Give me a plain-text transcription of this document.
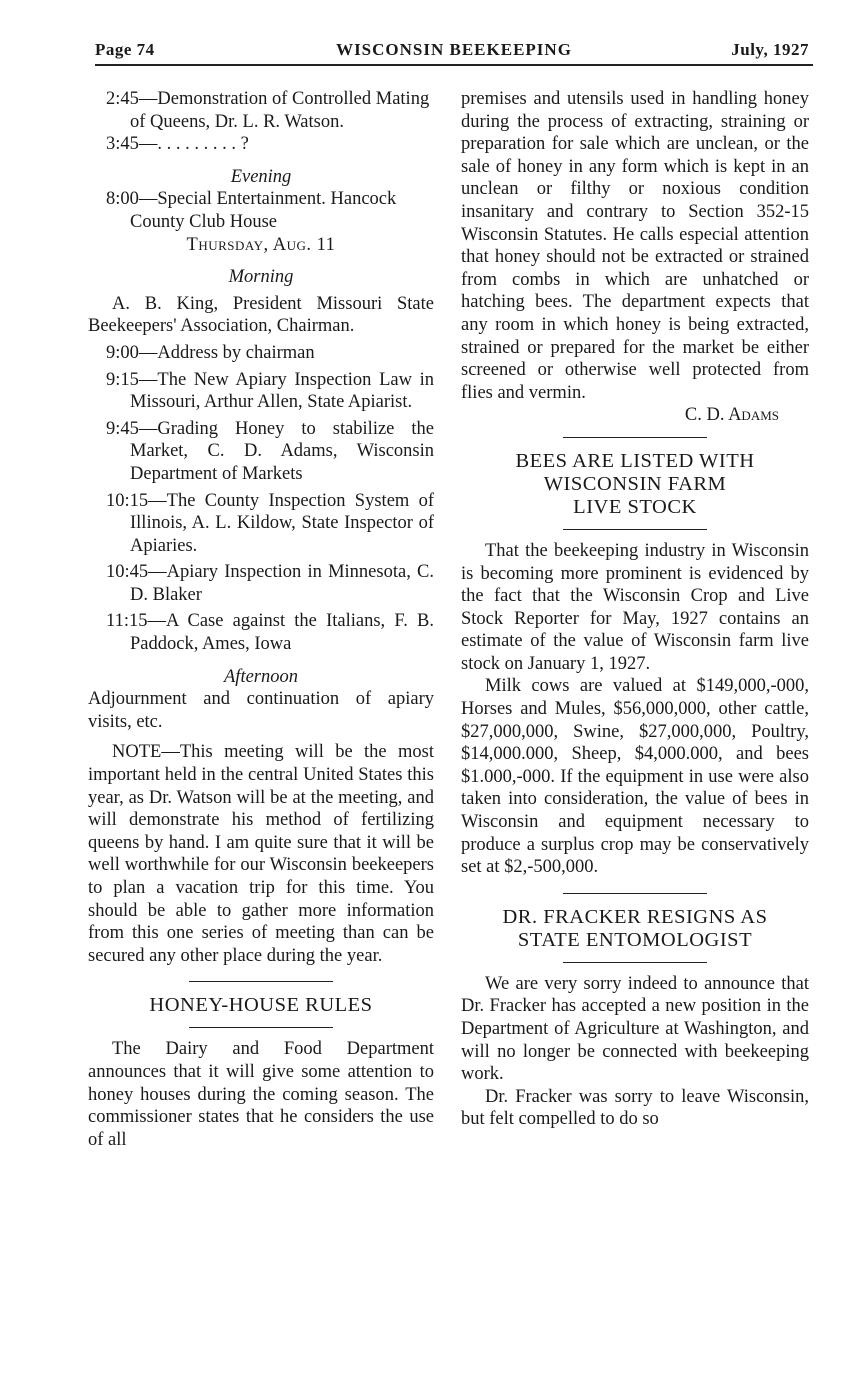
Page 74	WISCONSIN BEEKEEPING	July, 1927

2:45—Demonstration of Controlled Mating of Queens, Dr. L. R. Watson.

3:45—. . . . . . . . . ?

Evening

8:00—Special Entertainment. Hancock County Club House

Thursday, Aug. 11

Morning

A. B. King, President Missouri State Beekeepers' Association, Chairman.

9:00—Address by chairman

9:15—The New Apiary Inspection Law in Missouri, Arthur Allen, State Apiarist.

9:45—Grading Honey to stabilize the Market, C. D. Adams, Wisconsin Department of Markets

10:15—The County Inspection System of Illinois, A. L. Kildow, State Inspector of Apiaries.

10:45—Apiary Inspection in Minnesota, C. D. Blaker

11:15—A Case against the Italians, F. B. Paddock, Ames, Iowa

Afternoon

Adjournment and continuation of apiary visits, etc.

NOTE—This meeting will be the most important held in the central United States this year, as Dr. Watson will be at the meeting, and will demonstrate his method of fertilizing queens by hand. I am quite sure that it will be well worthwhile for our Wisconsin beekeepers to plan a vacation trip for this time. You should be able to gather more information from this one series of meeting than can be secured any other place during the year.

HONEY-HOUSE RULES

The Dairy and Food Department announces that it will give some attention to honey houses during the coming season. The commissioner states that he considers the use of all

premises and utensils used in handling honey during the process of extracting, straining or preparation for sale which are unclean, or the sale of honey in any form which is kept in an unclean or filthy or noxious condition insanitary and contrary to Section 352-15 Wisconsin Statutes. He calls especial attention that honey should not be extracted or strained from combs in which are unhatched or hatching bees. The department expects that any room in which honey is being extracted, strained or prepared for the market be either screened or otherwise well protected from flies and vermin.

C. D. Adams

BEES ARE LISTED WITH
WISCONSIN FARM
LIVE STOCK

That the beekeeping industry in Wisconsin is becoming more prominent is evidenced by the fact that the Wisconsin Crop and Live Stock Reporter for May, 1927 contains an estimate of the value of Wisconsin farm live stock on January 1, 1927.

Milk cows are valued at $149,000,-000, Horses and Mules, $56,000,000, other cattle, $27,000,000, Swine, $27,000,000, Poultry, $14,000.000, Sheep, $4,000.000, and bees $1.000,-000. If the equipment in use were also taken into consideration, the value of bees in Wisconsin and equipment necessary to produce a surplus crop may be conservatively set at $2,-500,000.

DR. FRACKER RESIGNS AS
STATE ENTOMOLOGIST

We are very sorry indeed to announce that Dr. Fracker has accepted a new position in the Department of Agriculture at Washington, and will no longer be connected with beekeeping work.

Dr. Fracker was sorry to leave Wisconsin, but felt compelled to do so
